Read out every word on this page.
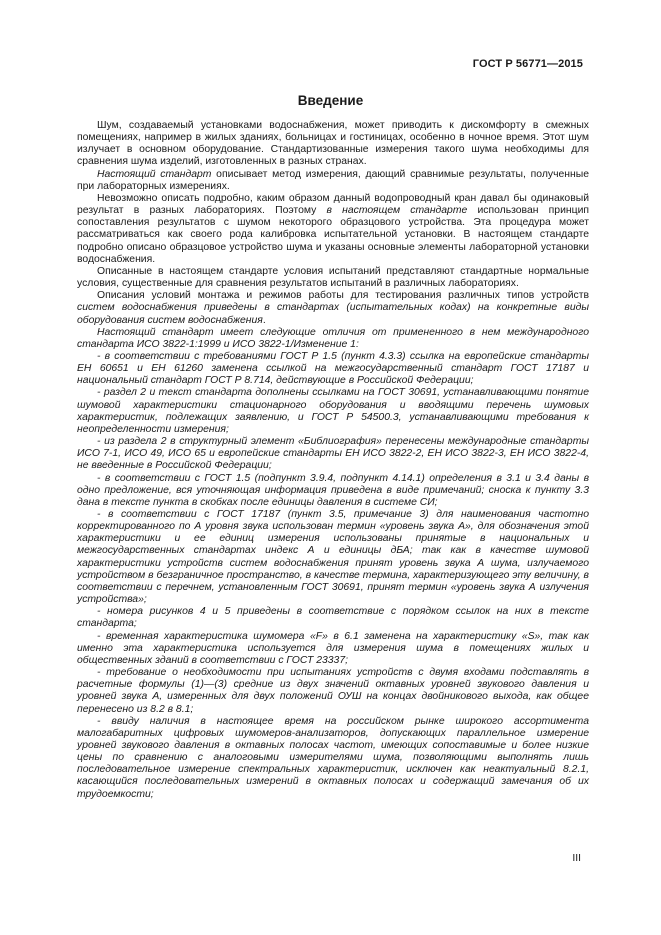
ГОСТ Р 56771—2015
Введение

Шум, создаваемый установками водоснабжения, может приводить к дискомфорту в смежных помещениях, например в жилых зданиях, больницах и гостиницах, особенно в ночное время. Этот шум излучает в основном оборудование. Стандартизованные измерения такого шума необходимы для сравнения шума изделий, изготовленных в разных странах.

Настоящий стандарт описывает метод измерения, дающий сравнимые результаты, полученные при лабораторных измерениях.

Невозможно описать подробно, каким образом данный водопроводный кран давал бы одинаковый результат в разных лабораториях. Поэтому в настоящем стандарте использован принцип сопоставления результатов с шумом некоторого образцового устройства. Эта процедура может рассматриваться как своего рода калибровка испытательной установки. В настоящем стандарте подробно описано образцовое устройство шума и указаны основные элементы лабораторной установки водоснабжения.

Описанные в настоящем стандарте условия испытаний представляют стандартные нормальные условия, существенные для сравнения результатов испытаний в различных лабораториях.

Описания условий монтажа и режимов работы для тестирования различных типов устройств систем водоснабжения приведены в стандартах (испытательных кодах) на конкретные виды оборудования систем водоснабжения.

Настоящий стандарт имеет следующие отличия от примененного в нем международного стандарта ИСО 3822-1:1999 и ИСО 3822-1/Изменение 1:

- в соответствии с требованиями ГОСТ Р 1.5 (пункт 4.3.3) ссылка на европейские стандарты ЕН 60651 и ЕН 61260 заменена ссылкой на межгосударственный стандарт ГОСТ 17187 и национальный стандарт ГОСТ Р 8.714, действующие в Российской Федерации;

- раздел 2 и текст стандарта дополнены ссылками на ГОСТ 30691, устанавливающими понятие шумовой характеристики стационарного оборудования и вводящими перечень шумовых характеристик, подлежащих заявлению, и ГОСТ Р 54500.3, устанавливающими требования к неопределенности измерения;

- из раздела 2 в структурный элемент «Библиография» перенесены международные стандарты ИСО 7-1, ИСО 49, ИСО 65 и европейские стандарты ЕН ИСО 3822-2, ЕН ИСО 3822-3, ЕН ИСО 3822-4, не введенные в Российской Федерации;

- в соответствии с ГОСТ 1.5 (подпункт 3.9.4, подпункт 4.14.1) определения в 3.1 и 3.4 даны в одно предложение, вся уточняющая информация приведена в виде примечаний; сноска к пункту 3.3 дана в тексте пункта в скобках после единицы давления в системе СИ;

- в соответствии с ГОСТ 17187 (пункт 3.5, примечание 3) для наименования частотно корректированного по А уровня звука использован термин «уровень звука А», для обозначения этой характеристики и ее единиц измерения использованы принятые в национальных и межгосударственных стандартах индекс А и единицы дБА; так как в качестве шумовой характеристики устройств систем водоснабжения принят уровень звука А шума, излучаемого устройством в безграничное пространство, в качестве термина, характеризующего эту величину, в соответствии с перечнем, установленным ГОСТ 30691, принят термин «уровень звука А излучения устройства»;

- номера рисунков 4 и 5 приведены в соответствие с порядком ссылок на них в тексте стандарта;

- временная характеристика шумомера «F» в 6.1 заменена на характеристику «S», так как именно эта характеристика используется для измерения шума в помещениях жилых и общественных зданий в соответствии с ГОСТ 23337;

- требование о необходимости при испытаниях устройств с двумя входами подставлять в расчетные формулы (1)—(3) средние из двух значений октавных уровней звукового давления и уровней звука А, измеренных для двух положений ОУШ на концах двойникового выхода, как общее перенесено из 8.2 в 8.1;

- ввиду наличия в настоящее время на российском рынке широкого ассортимента малогабаритных цифровых шумомеров-анализаторов, допускающих параллельное измерение уровней звукового давления в октавных полосах частот, имеющих сопоставимые и более низкие цены по сравнению с аналоговыми измерителями шума, позволяющими выполнять лишь последовательное измерение спектральных характеристик, исключен как неактуальный 8.2.1, касающийся последовательных измерений в октавных полосах и содержащий замечания об их трудоемкости;

III
